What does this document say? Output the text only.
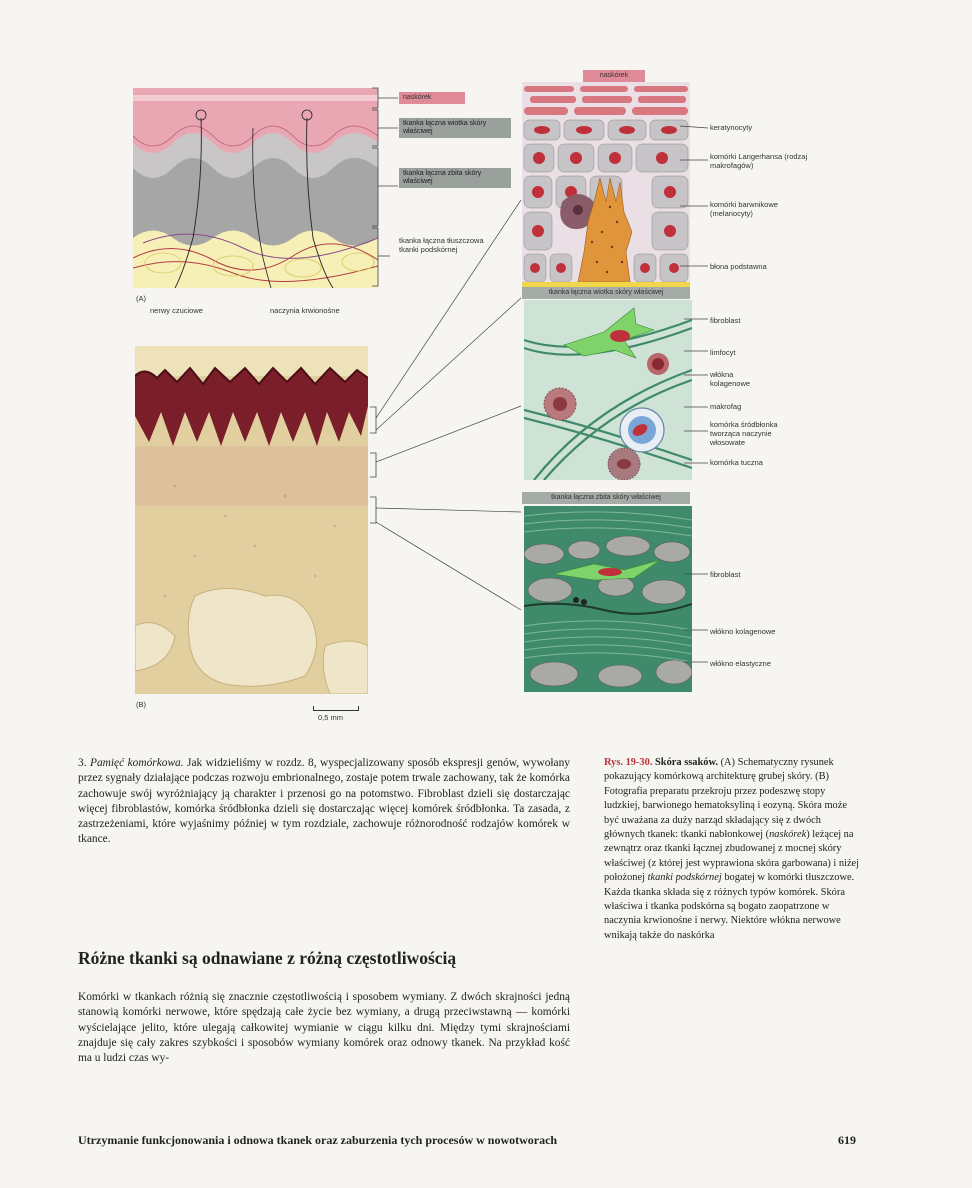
naskórek
tkanka łączna wiotka skóry właściwej
tkanka łączna zbita skóry właściwej
tkanka łączna tłuszczowa tkanki podskórnej
(A)
nerwy czuciowe	naczynia krwionośne
(B)
0,5 mm
naskórek
tkanka łączna wiotka skóry właściwej
keratynocyty
komórki Langerhansa (rodzaj makrofagów)
komórki barwnikowe (melanocyty)
błona podstawna
fibroblast
limfocyt
włókna kolagenowe
makrofag
komórka śródbłonka tworząca naczynie włosowate
komórka tuczna
tkanka łączna zbita skóry właściwej
fibroblast
włókno kolagenowe
włókno elastyczne

3. Pamięć komórkowa. Jak widzieliśmy w rozdz. 8, wyspecjalizowany sposób ekspresji genów, wywołany przez sygnały działające podczas rozwoju embrionalnego, zostaje potem trwale zachowany, tak że komórka zachowuje swój wyróżniający ją charakter i przenosi go na potomstwo. Fibroblast dzieli się dostarczając więcej fibroblastów, komórka śródbłonka dzieli się dostarczając więcej komórek śródbłonka. Ta zasada, z zastrzeżeniami, które wyjaśnimy później w tym rozdziale, zachowuje różnorodność rodzajów komórek w tkance.

Różne tkanki są odnawiane z różną częstotliwością

Komórki w tkankach różnią się znacznie częstotliwością i sposobem wymiany. Z dwóch skrajności jedną stanowią komórki nerwowe, które spędzają całe życie bez wymiany, a drugą przeciwstawną — komórki wyścielające jelito, które ulegają całkowitej wymianie w ciągu kilku dni. Między tymi skrajnościami znajduje się cały zakres szybkości i sposobów wymiany komórek oraz odnowy tkanek. Na przykład kość ma u ludzi czas wy-

Rys. 19-30. Skóra ssaków. (A) Schematyczny rysunek pokazujący komórkową architekturę grubej skóry. (B) Fotografia preparatu przekroju przez podeszwę stopy ludzkiej, barwionego hematoksyliną i eozyną. Skóra może być uważana za duży narząd składający się z dwóch głównych tkanek: tkanki nabłonkowej (naskórek) leżącej na zewnątrz oraz tkanki łącznej zbudowanej z mocnej skóry właściwej (z której jest wyprawiona skóra garbowana) i niżej położonej tkanki podskórnej bogatej w komórki tłuszczowe. Każda tkanka składa się z różnych typów komórek. Skóra właściwa i tkanka podskórna są bogato zaopatrzone w naczynia krwionośne i nerwy. Niektóre włókna nerwowe wnikają także do naskórka

Utrzymanie funkcjonowania i odnowa tkanek oraz zaburzenia tych procesów w nowotworach	619
